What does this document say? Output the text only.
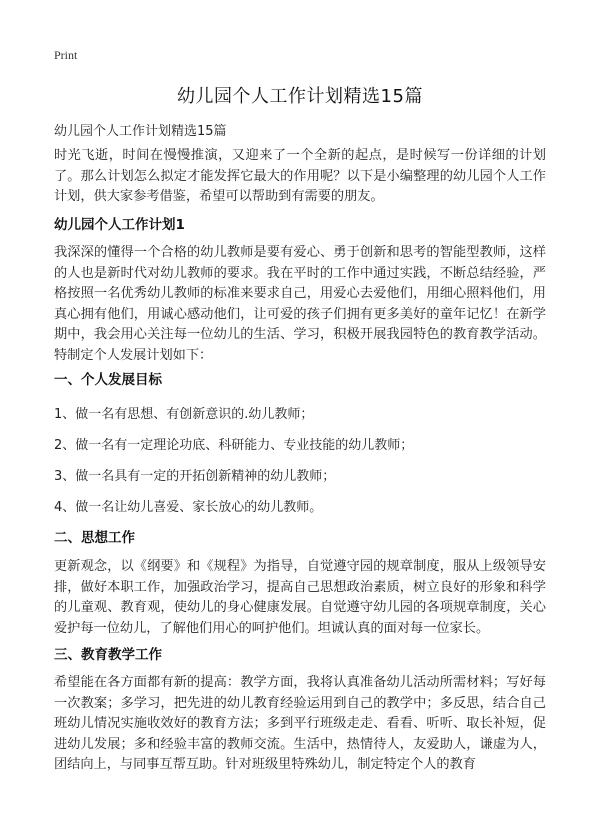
Print
幼儿园个人工作计划精选15篇
幼儿园个人工作计划精选15篇
时光飞逝，时间在慢慢推演，又迎来了一个全新的起点，是时候写一份详细的计划了。那么计划怎么拟定才能发挥它最大的作用呢？以下是小编整理的幼儿园个人工作计划，供大家参考借鉴，希望可以帮助到有需要的朋友。
幼儿园个人工作计划1
我深深的懂得一个合格的幼儿教师是要有爱心、勇于创新和思考的智能型教师，这样的人也是新时代对幼儿教师的要求。我在平时的工作中通过实践，不断总结经验，严格按照一名优秀幼儿教师的标准来要求自己，用爱心去爱他们，用细心照料他们，用真心拥有他们，用诚心感动他们，让可爱的孩子们拥有更多美好的童年记忆！在新学期中，我会用心关注每一位幼儿的生活、学习，积极开展我园特色的教育教学活动。特制定个人发展计划如下：
一、个人发展目标
1、做一名有思想、有创新意识的.幼儿教师；
2、做一名有一定理论功底、科研能力、专业技能的幼儿教师；
3、做一名具有一定的开拓创新精神的幼儿教师；
4、做一名让幼儿喜爱、家长放心的幼儿教师。
二、思想工作
更新观念，以《纲要》和《规程》为指导，自觉遵守园的规章制度，服从上级领导安排，做好本职工作，加强政治学习，提高自己思想政治素质，树立良好的形象和科学的儿童观、教育观，使幼儿的身心健康发展。自觉遵守幼儿园的各项规章制度，关心爱护每一位幼儿，了解他们用心的呵护他们。坦诚认真的面对每一位家长。
三、教育教学工作
希望能在各方面都有新的提高：教学方面，我将认真准备幼儿活动所需材料；写好每一次教案；多学习，把先进的幼儿教育经验运用到自己的教学中；多反思，结合自己班幼儿情况实施收效好的教育方法；多到平行班级走走、看看、听听、取长补短，促进幼儿发展；多和经验丰富的教师交流。生活中，热情待人，友爱助人，谦虚为人，团结向上，与同事互帮互助。针对班级里特殊幼儿，制定特定个人的教育
